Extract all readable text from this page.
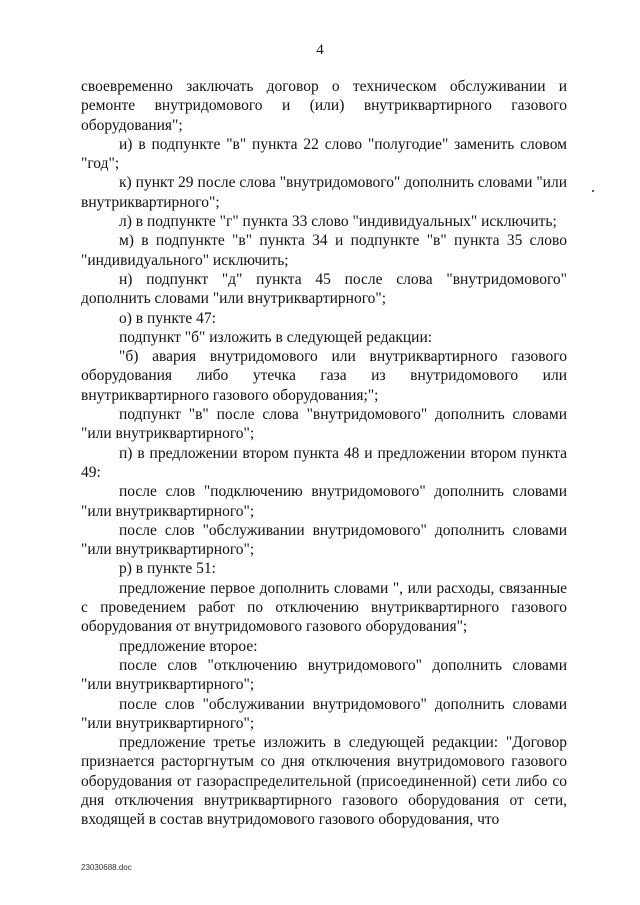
4

своевременно заключать договор о техническом обслуживании и ремонте внутридомового и (или) внутриквартирного газового оборудования";

и) в подпункте "в" пункта 22 слово "полугодие" заменить словом "год";

к) пункт 29 после слова "внутридомового" дополнить словами "или внутриквартирного";

л) в подпункте "г" пункта 33 слово "индивидуальных" исключить;

м) в подпункте "в" пункта 34 и подпункте "в" пункта 35 слово "индивидуального" исключить;

н) подпункт "д" пункта 45 после слова "внутридомового" дополнить словами "или внутриквартирного";

о) в пункте 47:

подпункт "б" изложить в следующей редакции:

"б) авария внутридомового или внутриквартирного газового оборудования либо утечка газа из внутридомового или внутриквартирного газового оборудования;";

подпункт "в" после слова "внутридомового" дополнить словами "или внутриквартирного";

п) в предложении втором пункта 48 и предложении втором пункта 49:

после слов "подключению внутридомового" дополнить словами "или внутриквартирного";

после слов "обслуживании внутридомового" дополнить словами "или внутриквартирного";

р) в пункте 51:

предложение первое дополнить словами ", или расходы, связанные с проведением работ по отключению внутриквартирного газового оборудования от внутридомового газового оборудования";

предложение второе:

после слов "отключению внутридомового" дополнить словами "или внутриквартирного";

после слов "обслуживании внутридомового" дополнить словами "или внутриквартирного";

предложение третье изложить в следующей редакции: "Договор признается расторгнутым со дня отключения внутридомового газового оборудования от газораспределительной (присоединенной) сети либо со дня отключения внутриквартирного газового оборудования от сети, входящей в состав внутридомового газового оборудования, что

23030688.doc
